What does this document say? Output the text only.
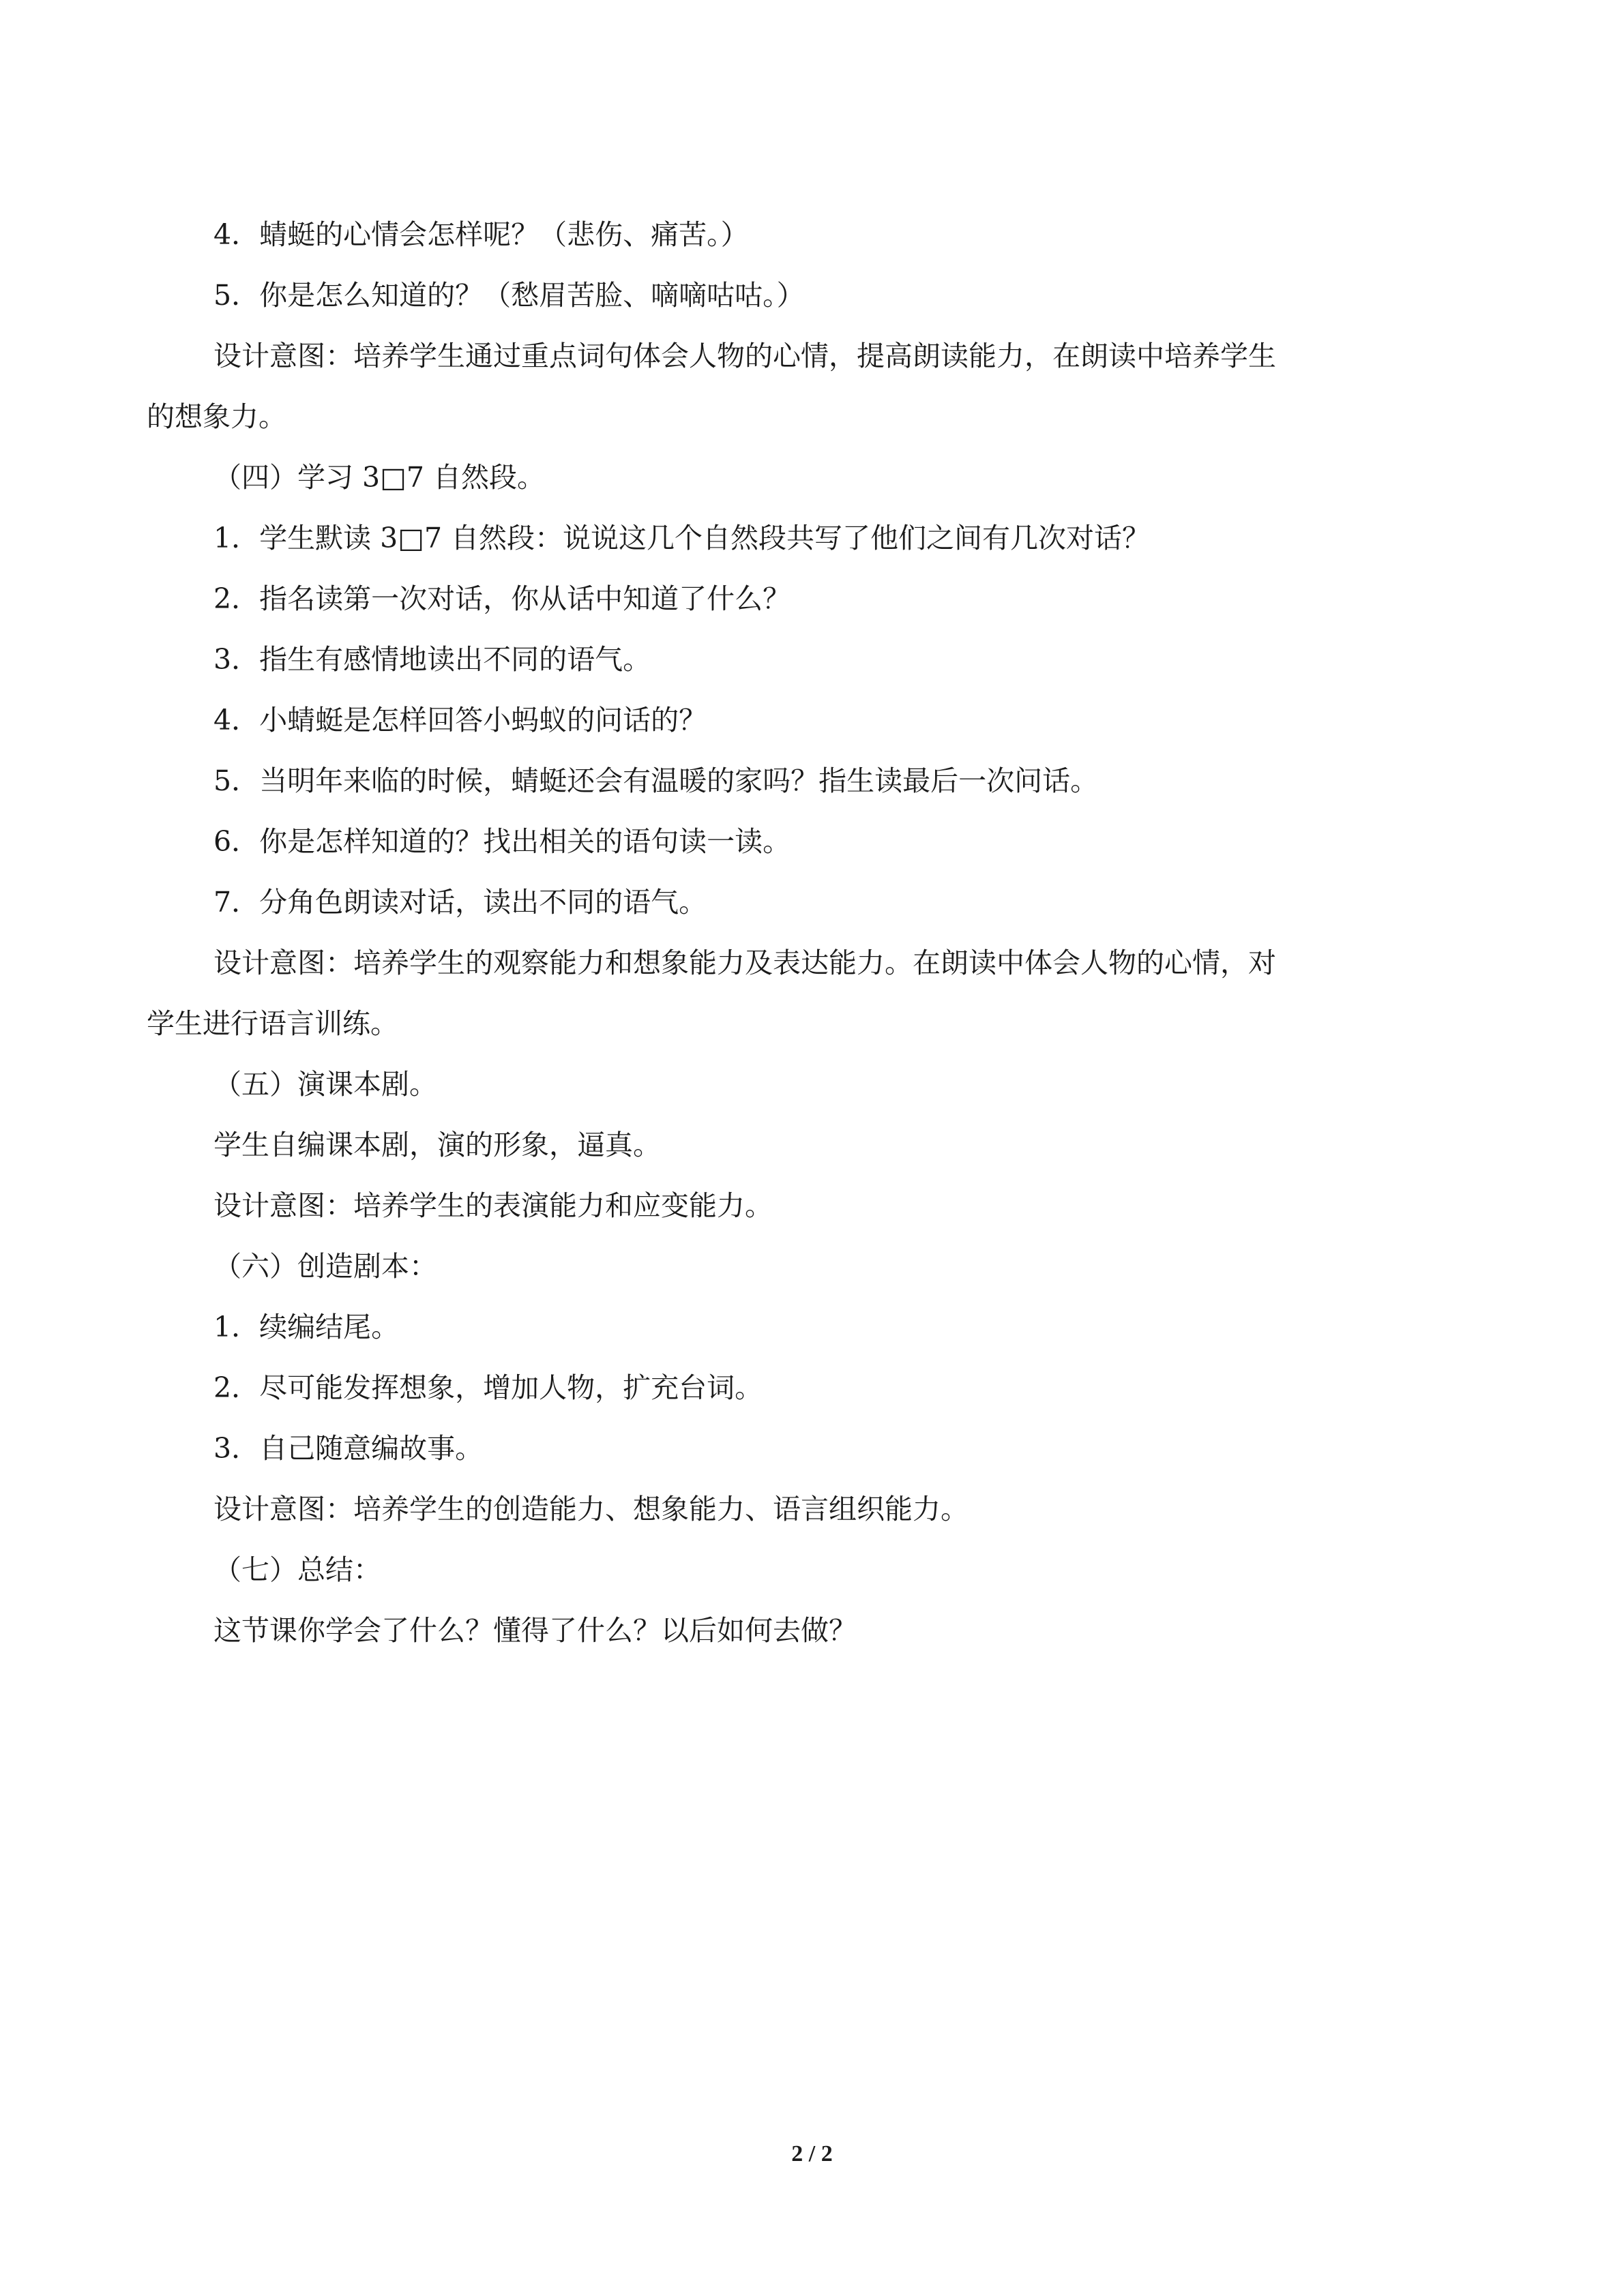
4．蜻蜓的心情会怎样呢？（悲伤、痛苦。）
5．你是怎么知道的？（愁眉苦脸、嘀嘀咕咕。）
设计意图：培养学生通过重点词句体会人物的心情，提高朗读能力，在朗读中培养学生
的想象力。
（四）学习 3□7 自然段。
1．学生默读 3□7 自然段：说说这几个自然段共写了他们之间有几次对话？
2．指名读第一次对话，你从话中知道了什么？
3．指生有感情地读出不同的语气。
4．小蜻蜓是怎样回答小蚂蚁的问话的？
5．当明年来临的时候，蜻蜓还会有温暖的家吗？指生读最后一次问话。
6．你是怎样知道的？找出相关的语句读一读。
7．分角色朗读对话，读出不同的语气。
设计意图：培养学生的观察能力和想象能力及表达能力。在朗读中体会人物的心情，对
学生进行语言训练。
（五）演课本剧。
学生自编课本剧，演的形象，逼真。
设计意图：培养学生的表演能力和应变能力。
（六）创造剧本：
1．续编结尾。
2．尽可能发挥想象，增加人物，扩充台词。
3．自己随意编故事。
设计意图：培养学生的创造能力、想象能力、语言组织能力。
（七）总结：
这节课你学会了什么？懂得了什么？以后如何去做？
2 / 2
